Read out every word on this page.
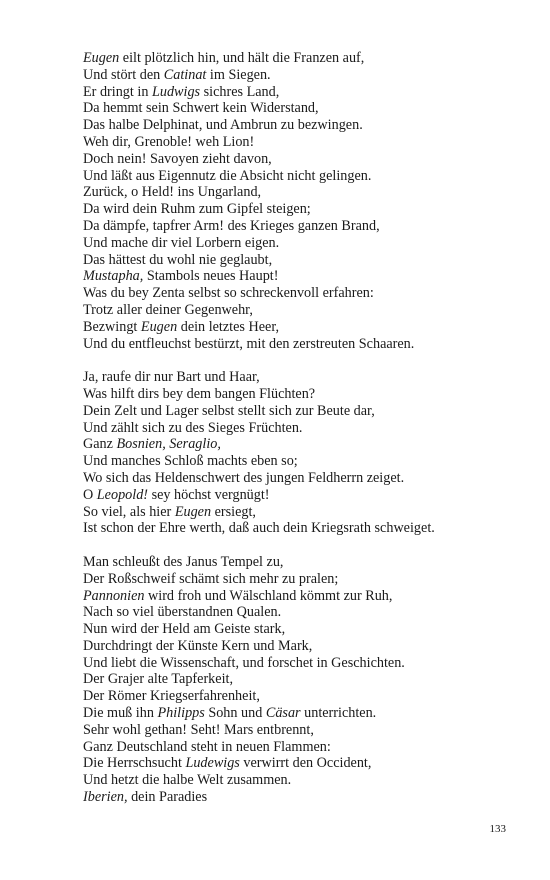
Eugen eilt plötzlich hin, und hält die Franzen auf,
Und stört den Catinat im Siegen.
Er dringt in Ludwigs sichres Land,
Da hemmt sein Schwert kein Widerstand,
Das halbe Delphinat, und Ambrun zu bezwingen.
Weh dir, Grenoble! weh Lion!
Doch nein! Savoyen zieht davon,
Und läßt aus Eigennutz die Absicht nicht gelingen.
Zurück, o Held! ins Ungarland,
Da wird dein Ruhm zum Gipfel steigen;
Da dämpfe, tapfrer Arm! des Krieges ganzen Brand,
Und mache dir viel Lorbern eigen.
Das hättest du wohl nie geglaubt,
Mustapha, Stambols neues Haupt!
Was du bey Zenta selbst so schreckenvoll erfahren:
Trotz aller deiner Gegenwehr,
Bezwingt Eugen dein letztes Heer,
Und du entfleuchst bestürzt, mit den zerstreuten Schaaren.
Ja, raufe dir nur Bart und Haar,
Was hilft dirs bey dem bangen Flüchten?
Dein Zelt und Lager selbst stellt sich zur Beute dar,
Und zählt sich zu des Sieges Früchten.
Ganz Bosnien, Seraglio,
Und manches Schloß machts eben so;
Wo sich das Heldenschwert des jungen Feldherrn zeiget.
O Leopold! sey höchst vergnügt!
So viel, als hier Eugen ersiegt,
Ist schon der Ehre werth, daß auch dein Kriegsrath schweiget.
Man schleußt des Janus Tempel zu,
Der Roßschweif schämt sich mehr zu pralen;
Pannonien wird froh und Wälschland kömmt zur Ruh,
Nach so viel überstandnen Qualen.
Nun wird der Held am Geiste stark,
Durchdringt der Künste Kern und Mark,
Und liebt die Wissenschaft, und forschet in Geschichten.
Der Grajer alte Tapferkeit,
Der Römer Kriegserfahrenheit,
Die muß ihn Philipps Sohn und Cäsar unterrichten.
Sehr wohl gethan! Seht! Mars entbrennt,
Ganz Deutschland steht in neuen Flammen:
Die Herrschsucht Ludewigs verwirrt den Occident,
Und hetzt die halbe Welt zusammen.
Iberien, dein Paradies
133
